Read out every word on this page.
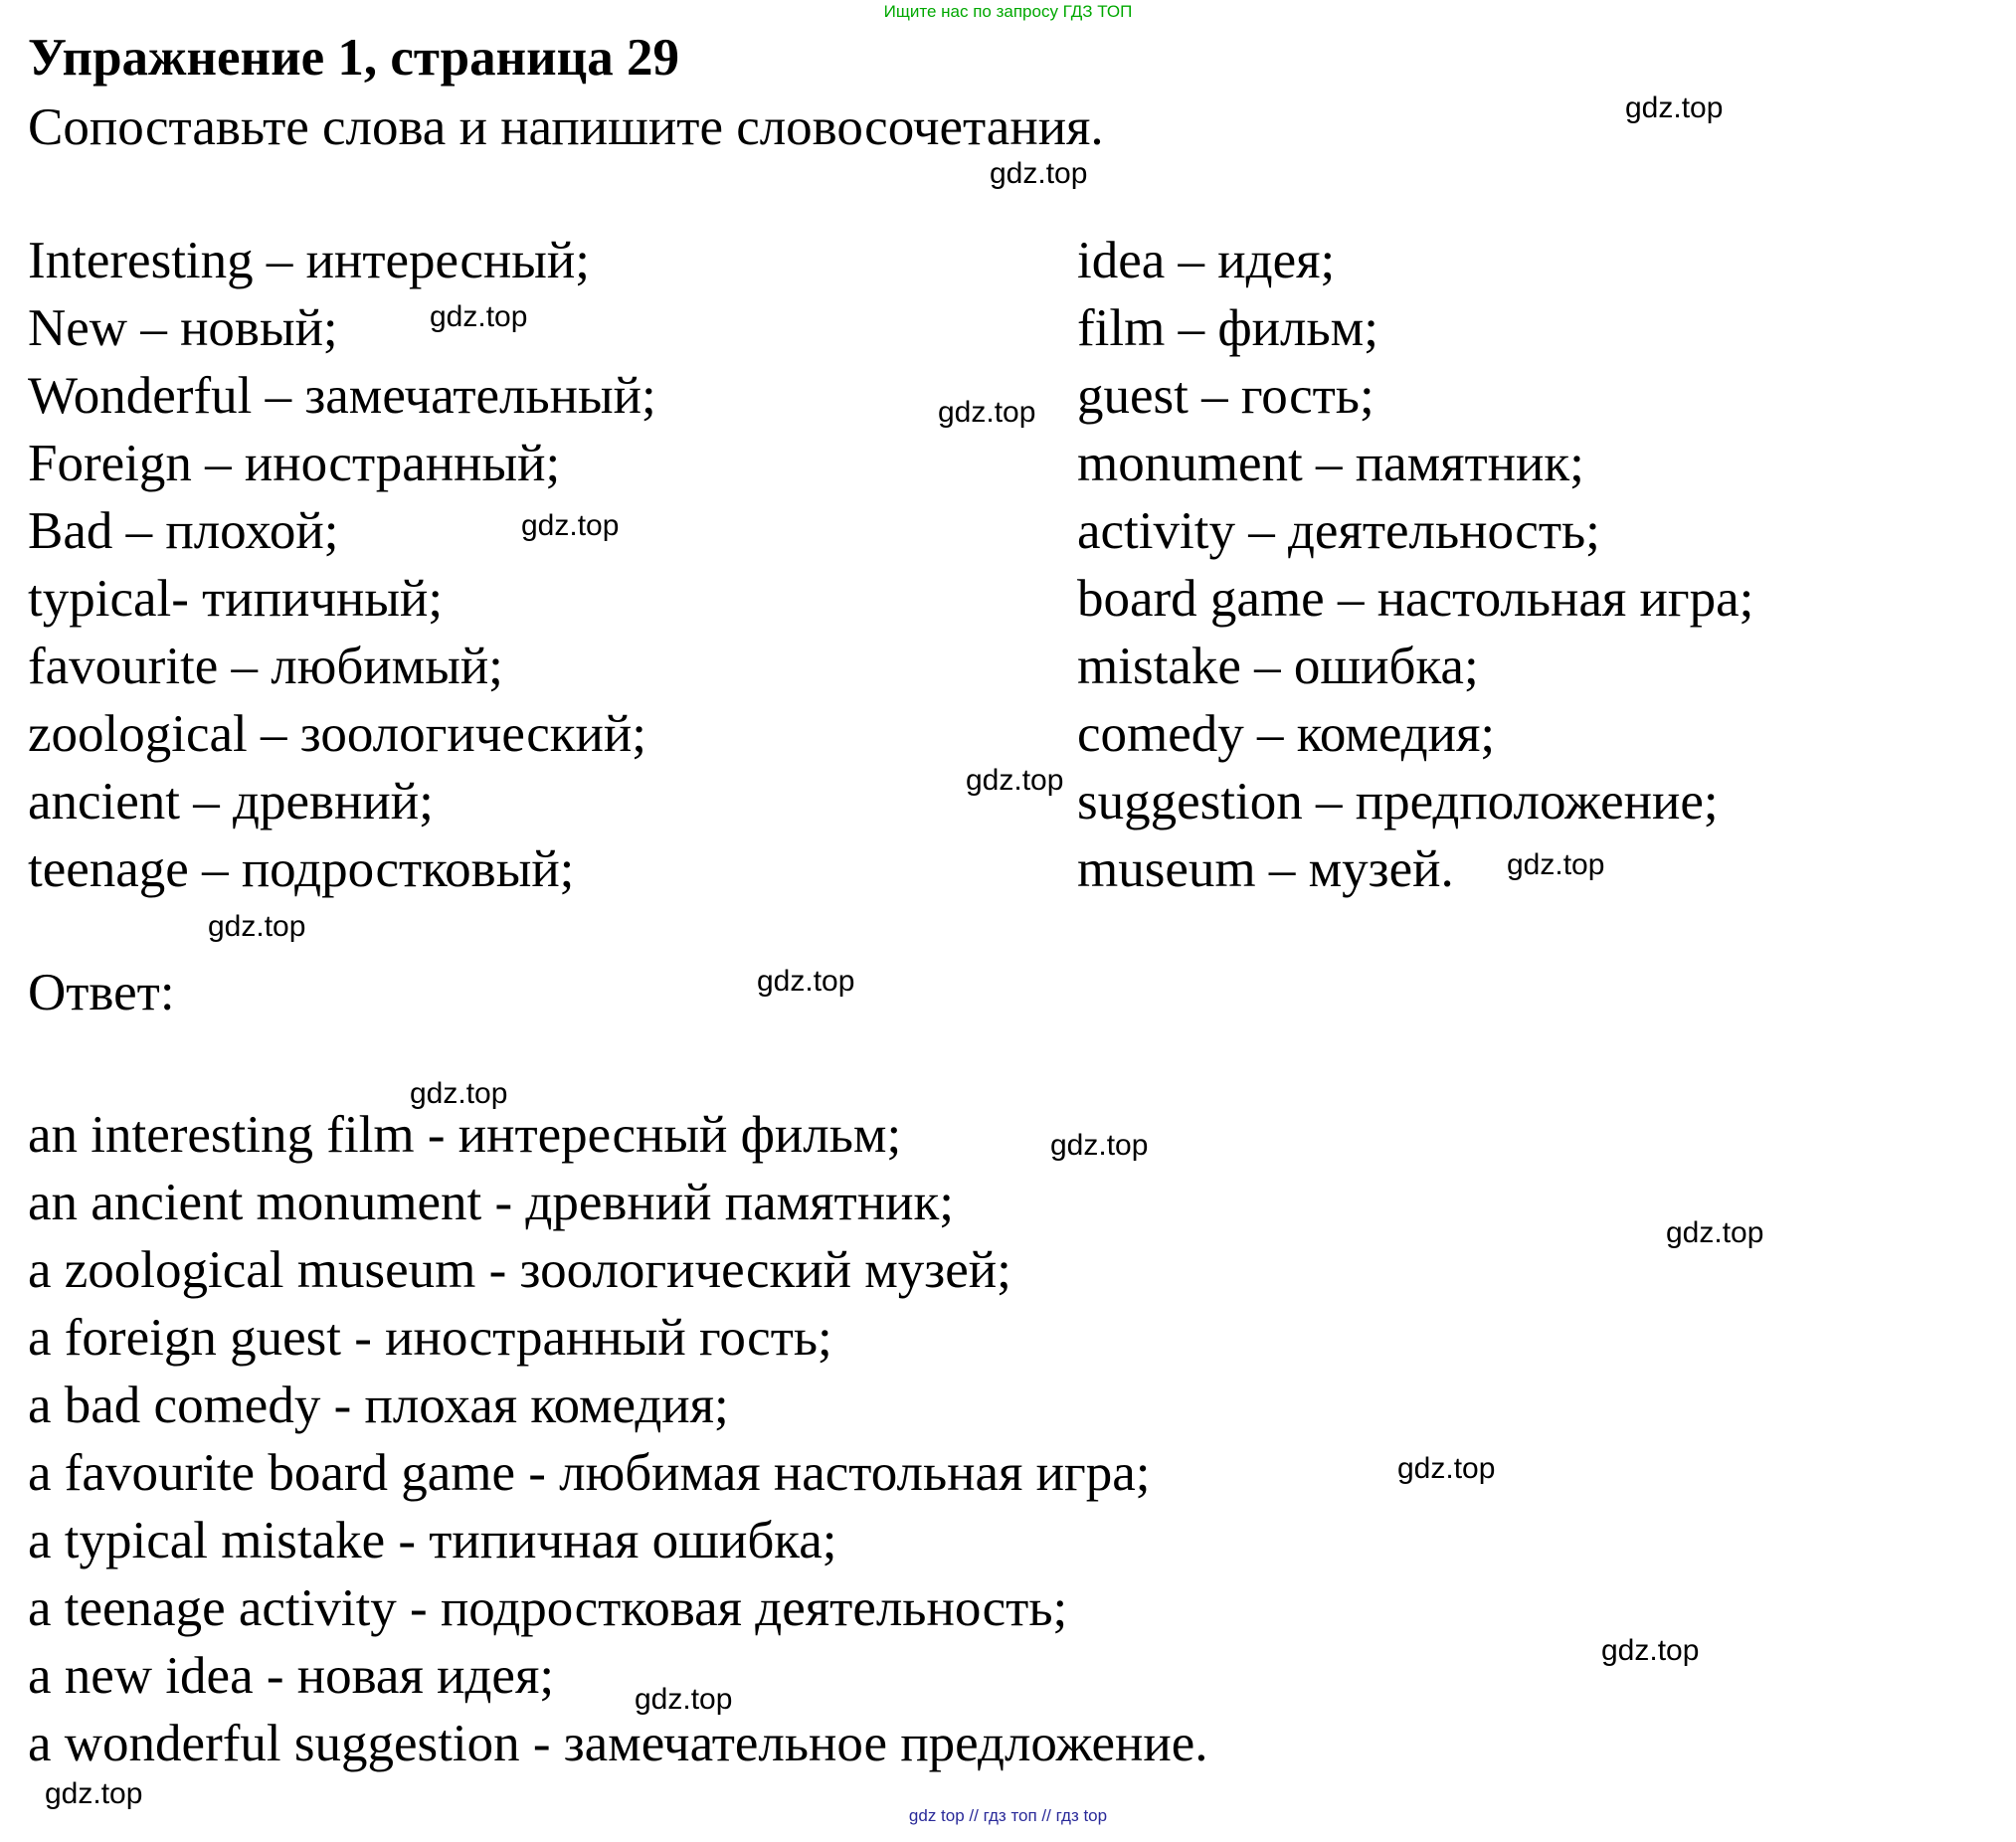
Ищите нас по запросу ГДЗ ТОП
Упражнение 1, страница 29
Сопоставьте слова и напишите словосочетания.
Interesting – интересный;
New – новый;
Wonderful – замечательный;
Foreign – иностранный;
Bad – плохой;
typical- типичный;
favourite – любимый;
zoological – зоологический;
ancient – древний;
teenage – подростковый;
idea – идея;
film – фильм;
guest – гость;
monument – памятник;
activity – деятельность;
board game – настольная игра;
mistake – ошибка;
comedy – комедия;
suggestion – предположение;
museum – музей.
Ответ:
an interesting film - интересный фильм;
an ancient monument - древний памятник;
a zoological museum - зоологический музей;
a foreign guest - иностранный гость;
a bad comedy - плохая комедия;
a favourite board game - любимая настольная игра;
a typical mistake - типичная ошибка;
a teenage activity - подростковая деятельность;
a new idea - новая идея;
a wonderful suggestion - замечательное предложение.
gdz.top
gdz.top
gdz.top
gdz.top
gdz.top
gdz.top
gdz.top
gdz.top
gdz.top
gdz.top
gdz.top
gdz.top
gdz.top
gdz.top
gdz.top
gdz.top
gdz top // гдз топ // гдз top
